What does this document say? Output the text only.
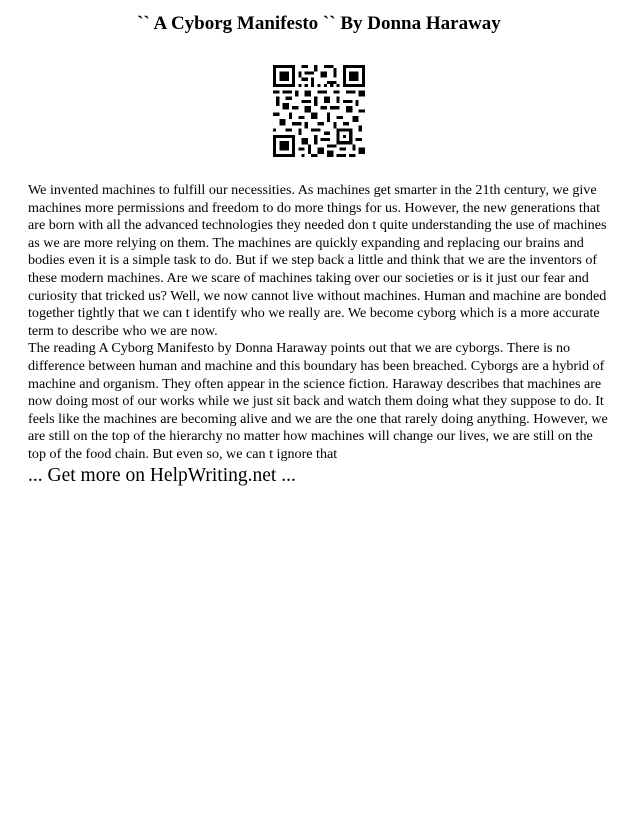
`` A Cyborg Manifesto `` By Donna Haraway

We invented machines to fulfill our necessities. As machines get smarter in the 21th century, we give machines more permissions and freedom to do more things for us. However, the new generations that are born with all the advanced technologies they needed don t quite understanding the use of machines as we are more relying on them. The machines are quickly expanding and replacing our brains and bodies even it is a simple task to do. But if we step back a little and think that we are the inventors of these modern machines. Are we scare of machines taking over our societies or is it just our fear and curiosity that tricked us? Well, we now cannot live without machines. Human and machine are bonded together tightly that we can t identify who we really are. We become cyborg which is a more accurate term to describe who we are now.

The reading A Cyborg Manifesto by Donna Haraway points out that we are cyborgs. There is no difference between human and machine and this boundary has been breached. Cyborgs are a hybrid of machine and organism. They often appear in the science fiction. Haraway describes that machines are now doing most of our works while we just sit back and watch them doing what they suppose to do. It feels like the machines are becoming alive and we are the one that rarely doing anything. However, we are still on the top of the hierarchy no matter how machines will change our lives, we are still on the top of the food chain. But even so, we can t ignore that

... Get more on HelpWriting.net ...
